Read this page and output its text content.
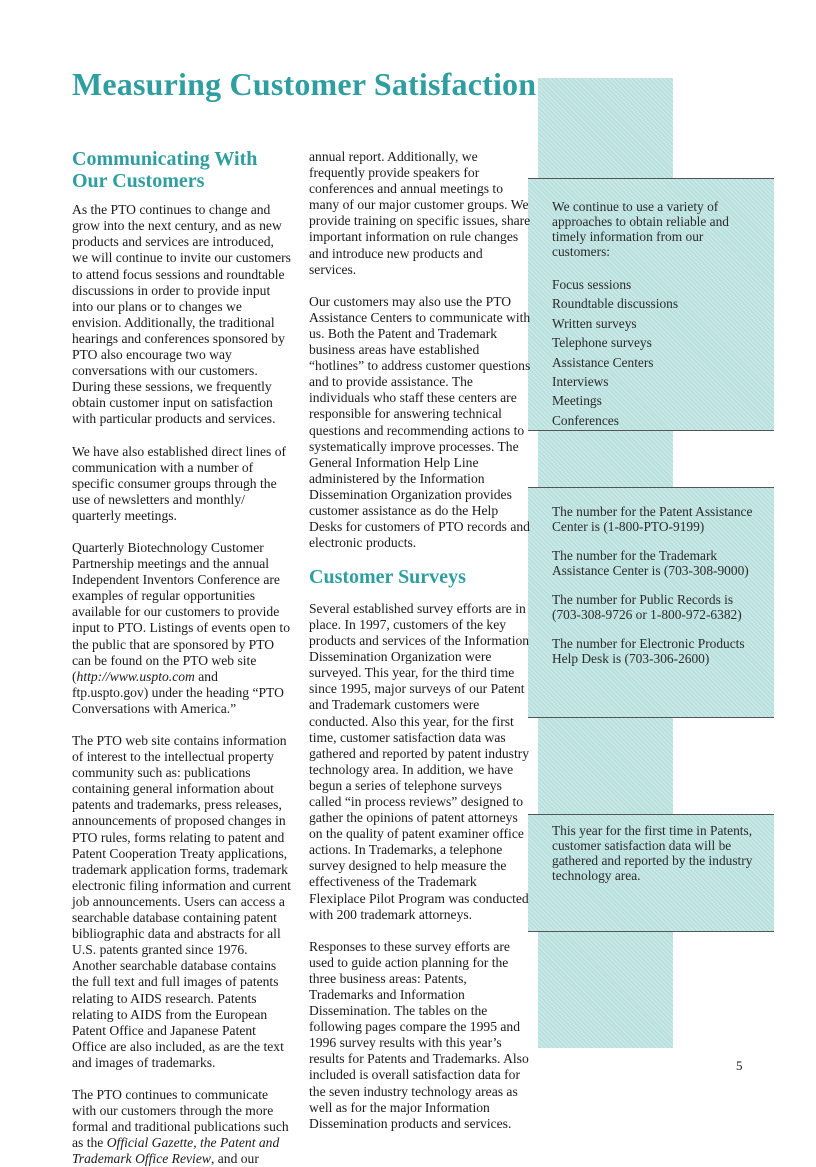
Measuring Customer Satisfaction
We continue to use a variety of approaches to obtain reliable and timely information from our customers:
Focus sessions
Roundtable discussions
Written surveys
Telephone surveys
Assistance Centers
Interviews
Meetings
Conferences
The number for the Patent Assistance Center is (1-800-PTO-9199)
The number for the Trademark Assistance Center is (703-308-9000)
The number for Public Records is (703-308-9726 or 1-800-972-6382)
The number for Electronic Products Help Desk is (703-306-2600)
This year for the first time in Patents, customer satisfaction data will be gathered and reported by the industry technology area.
Communicating With Our Customers

As the PTO continues to change and grow into the next century, and as new products and services are introduced, we will continue to invite our customers to attend focus sessions and roundtable discussions in order to provide input into our plans or to changes we envision. Additionally, the traditional hearings and conferences sponsored by PTO also encourage two way conversations with our customers. During these sessions, we frequently obtain customer input on satisfaction with particular products and services.

We have also established direct lines of communication with a number of specific consumer groups through the use of newsletters and monthly/ quarterly meetings.

Quarterly Biotechnology Customer Partnership meetings and the annual Independent Inventors Conference are examples of regular opportunities available for our customers to provide input to PTO. Listings of events open to the public that are sponsored by PTO can be found on the PTO web site (http://www.uspto.com and ftp.uspto.gov) under the heading “PTO Conversations with America.”

The PTO web site contains information of interest to the intellectual property community such as: publications containing general information about patents and trademarks, press releases, announcements of proposed changes in PTO rules, forms relating to patent and Patent Cooperation Treaty applications, trademark application forms, trademark electronic filing information and current job announcements. Users can access a searchable database containing patent bibliographic data and abstracts for all U.S. patents granted since 1976. Another searchable database contains the full text and full images of patents relating to AIDS research. Patents relating to AIDS from the European Patent Office and Japanese Patent Office are also included, as are the text and images of trademarks.

The PTO continues to communicate with our customers through the more formal and traditional publications such as the Official Gazette, the Patent and Trademark Office Review, and our

annual report. Additionally, we frequently provide speakers for conferences and annual meetings to many of our major customer groups. We provide training on specific issues, share important information on rule changes and introduce new products and services.

Our customers may also use the PTO Assistance Centers to communicate with us. Both the Patent and Trademark business areas have established “hotlines” to address customer questions and to provide assistance. The individuals who staff these centers are responsible for answering technical questions and recommending actions to systematically improve processes. The General Information Help Line administered by the Information Dissemination Organization provides customer assistance as do the Help Desks for customers of PTO records and electronic products.

Customer Surveys

Several established survey efforts are in place. In 1997, customers of the key products and services of the Information Dissemination Organization were surveyed. This year, for the third time since 1995, major surveys of our Patent and Trademark customers were conducted. Also this year, for the first time, customer satisfaction data was gathered and reported by patent industry technology area. In addition, we have begun a series of telephone surveys called “in process reviews” designed to gather the opinions of patent attorneys on the quality of patent examiner office actions. In Trademarks, a telephone survey designed to help measure the effectiveness of the Trademark Flexiplace Pilot Program was conducted with 200 trademark attorneys.

Responses to these survey efforts are used to guide action planning for the three business areas: Patents, Trademarks and Information Dissemination. The tables on the following pages compare the 1995 and 1996 survey results with this year’s results for Patents and Trademarks. Also included is overall satisfaction data for the seven industry technology areas as well as for the major Information Dissemination products and services.

5
